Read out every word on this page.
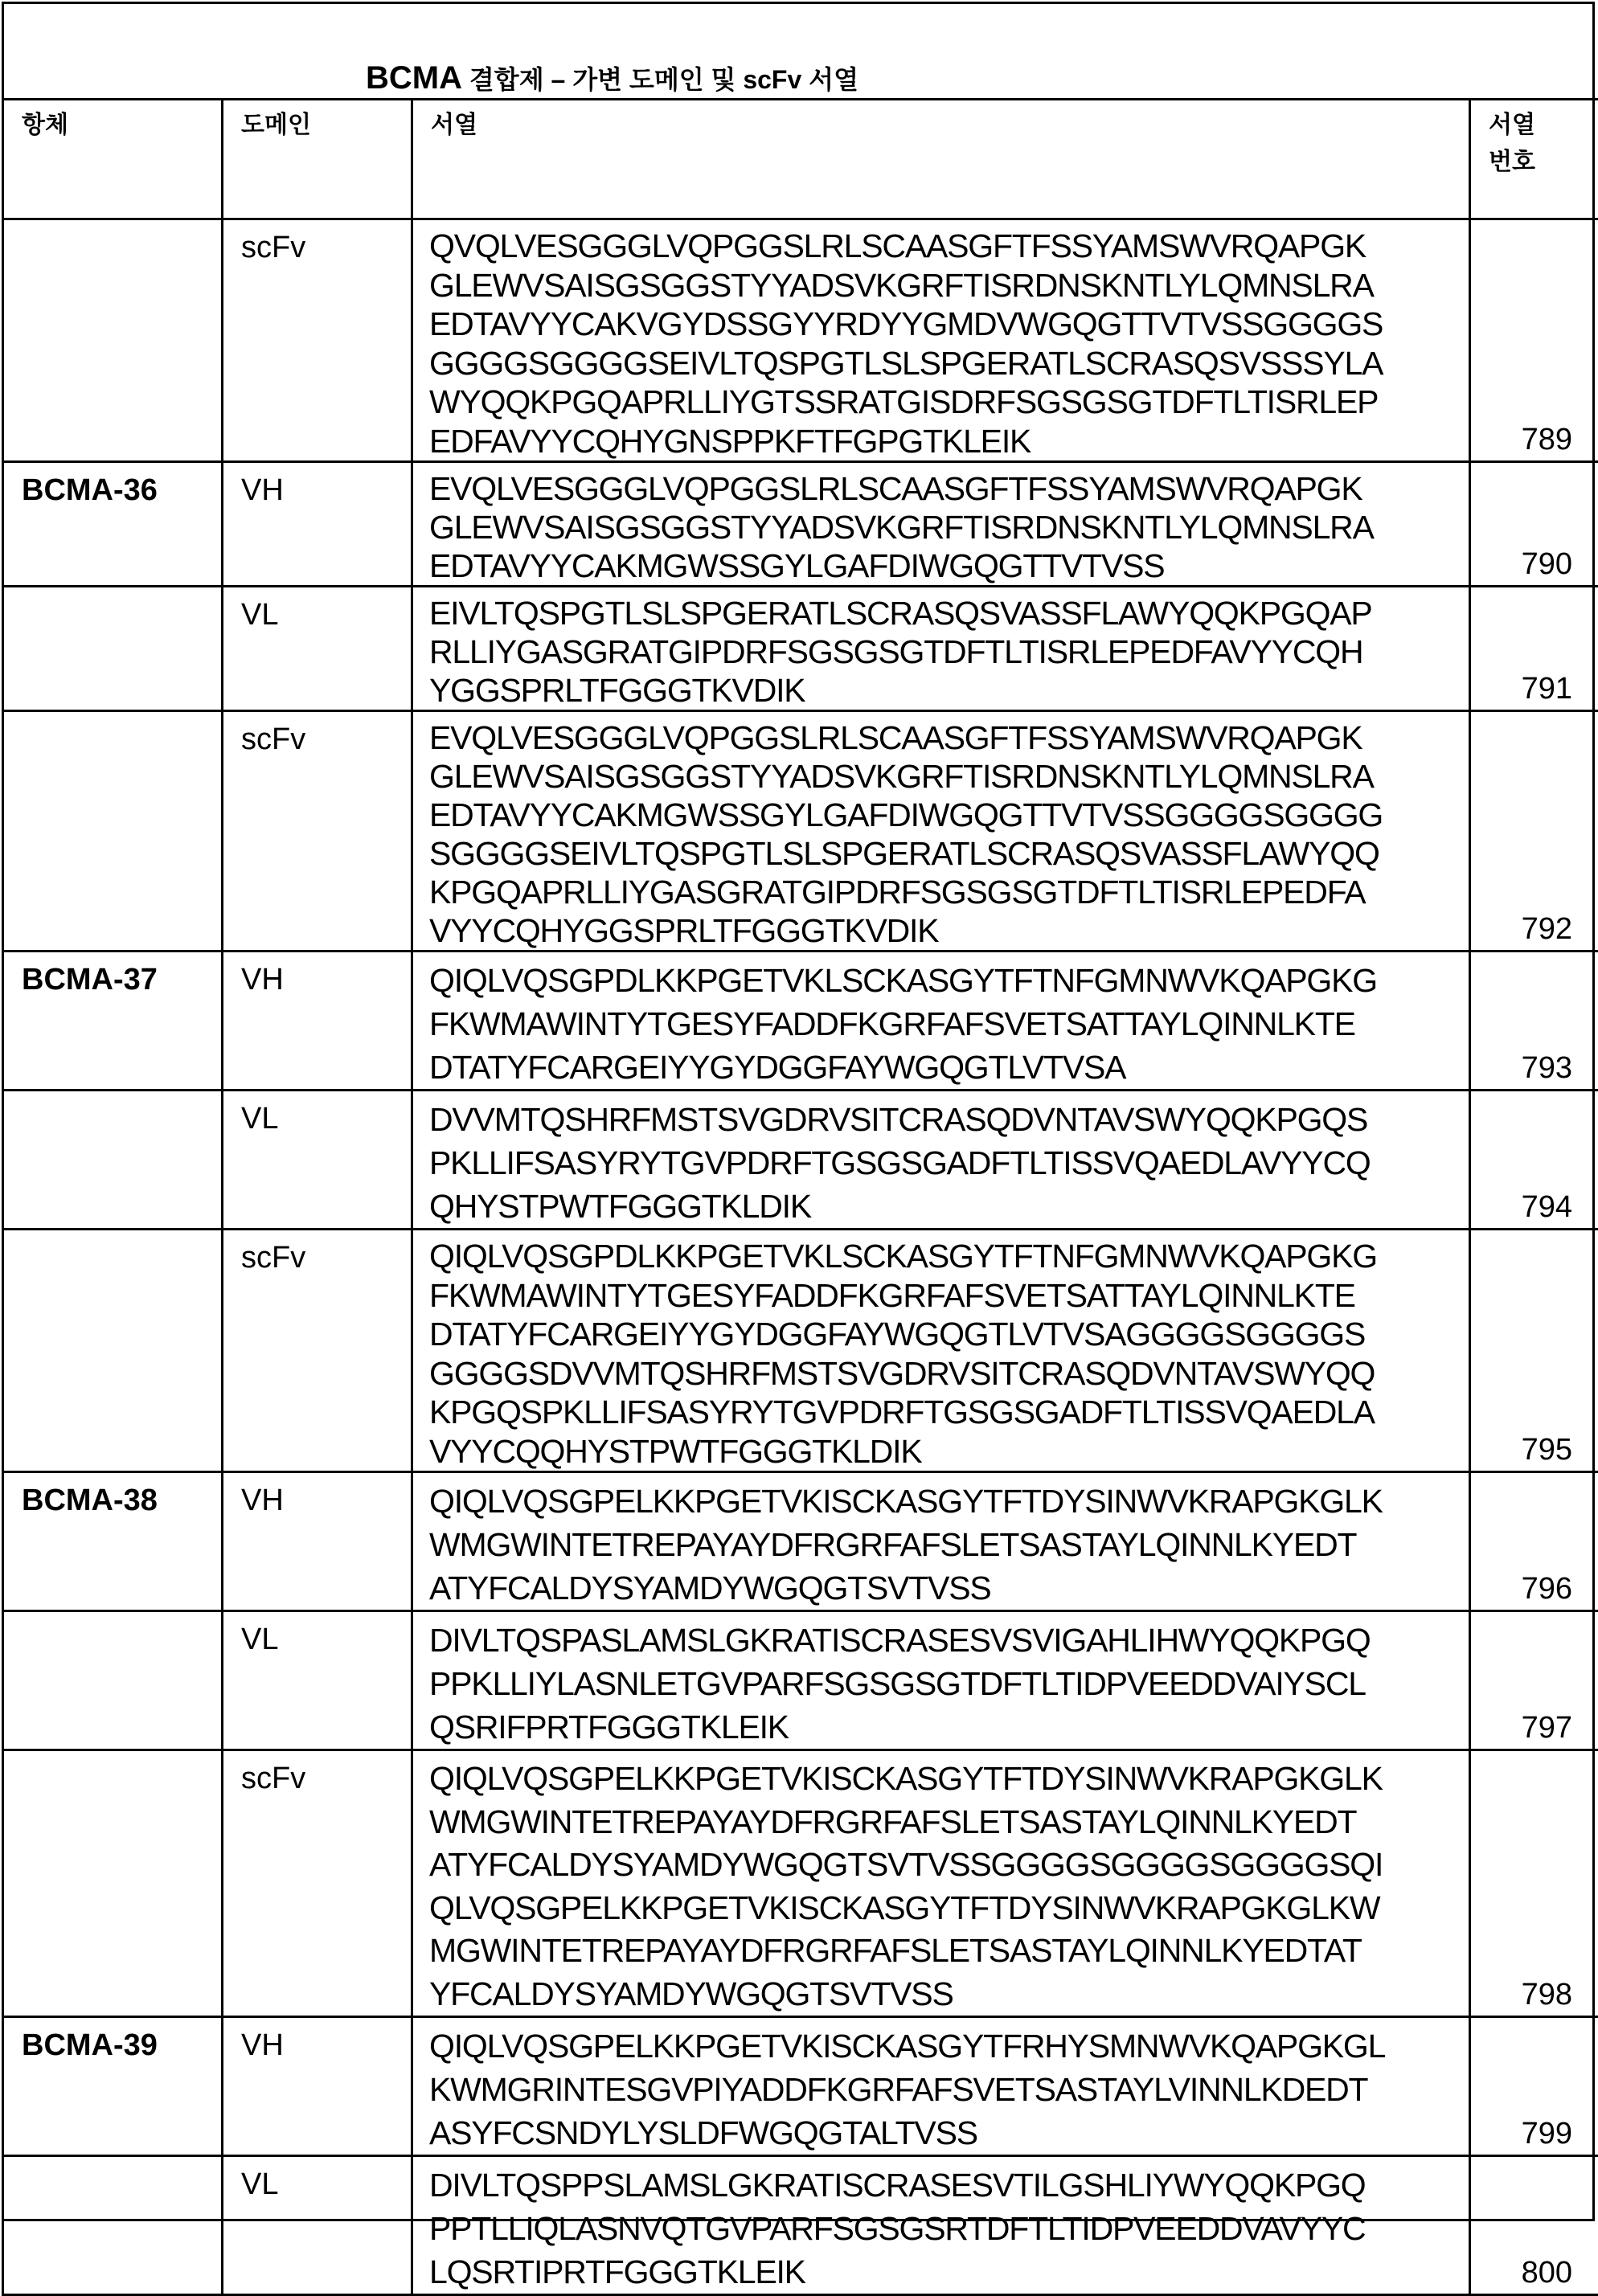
BCMA 결합제 – 가변 도메인 및 scFv 서열
항체	도메인	서열	서열
번호

scFv	QVQLVESGGGLVQPGGSLRLSCAASGFTFSSYAMSWVRQAPGK
GLEWVSAISGSGGSTYYADSVKGRFTISRDNSKNTLYLQMNSLRA
EDTAVYYCAKVGYDSSGYYRDYYGMDVWGQGTTVTVSSGGGGS
GGGGSGGGGSEIVLTQSPGTLSLSPGERATLSCRASQSVSSSYLA
WYQQKPGQAPRLLIYGTSSRATGISDRFSGSGSGTDFTLTISRLEP
EDFAVYYCQHYGNSPPKFTFGPGTKLEIK	789

BCMA-36	VH	EVQLVESGGGLVQPGGSLRLSCAASGFTFSSYAMSWVRQAPGK
GLEWVSAISGSGGSTYYADSVKGRFTISRDNSKNTLYLQMNSLRA
EDTAVYYCAKMGWSSGYLGAFDIWGQGTTVTVSS	790

VL	EIVLTQSPGTLSLSPGERATLSCRASQSVASSFLAWYQQKPGQAP
RLLIYGASGRATGIPDRFSGSGSGTDFTLTISRLEPEDFAVYYCQH
YGGSPRLTFGGGTKVDIK	791

scFv	EVQLVESGGGLVQPGGSLRLSCAASGFTFSSYAMSWVRQAPGK
GLEWVSAISGSGGSTYYADSVKGRFTISRDNSKNTLYLQMNSLRA
EDTAVYYCAKMGWSSGYLGAFDIWGQGTTVTVSSGGGGSGGGG
SGGGGSEIVLTQSPGTLSLSPGERATLSCRASQSVASSFLAWYQQ
KPGQAPRLLIYGASGRATGIPDRFSGSGSGTDFTLTISRLEPEDFA
VYYCQHYGGSPRLTFGGGTKVDIK	792

BCMA-37	VH	QIQLVQSGPDLKKPGETVKLSCKASGYTFTNFGMNWVKQAPGKG
FKWMAWINTYTGESYFADDFKGRFAFSVETSATTAYLQINNLKTE
DTATYFCARGEIYYGYDGGFAYWGQGTLVTVSA	793

VL	DVVMTQSHRFMSTSVGDRVSITCRASQDVNTAVSWYQQKPGQS
PKLLIFSASYRYTGVPDRFTGSGSGADFTLTISSVQAEDLAVYYCQ
QHYSTPWTFGGGTKLDIK	794

scFv	QIQLVQSGPDLKKPGETVKLSCKASGYTFTNFGMNWVKQAPGKG
FKWMAWINTYTGESYFADDFKGRFAFSVETSATTAYLQINNLKTE
DTATYFCARGEIYYGYDGGFAYWGQGTLVTVSAGGGGSGGGGS
GGGGSDVVMTQSHRFMSTSVGDRVSITCRASQDVNTAVSWYQQ
KPGQSPKLLIFSASYRYTGVPDRFTGSGSGADFTLTISSVQAEDLA
VYYCQQHYSTPWTFGGGTKLDIK	795

BCMA-38	VH	QIQLVQSGPELKKPGETVKISCKASGYTFTDYSINWVKRAPGKGLK
WMGWINTETREPAYAYDFRGRFAFSLETSASTAYLQINNLKYEDT
ATYFCALDYSYAMDYWGQGTSVTVSS	796

VL	DIVLTQSPASLAMSLGKRATISCRASESVSVIGAHLIHWYQQKPGQ
PPKLLIYLASNLETGVPARFSGSGSGTDFTLTIDPVEEDDVAIYSCL
QSRIFPRTFGGGTKLEIK	797

scFv	QIQLVQSGPELKKPGETVKISCKASGYTFTDYSINWVKRAPGKGLK
WMGWINTETREPAYAYDFRGRFAFSLETSASTAYLQINNLKYEDT
ATYFCALDYSYAMDYWGQGTSVTVSSGGGGSGGGGSGGGGSQI
QLVQSGPELKKPGETVKISCKASGYTFTDYSINWVKRAPGKGLKW
MGWINTETREPAYAYDFRGRFAFSLETSASTAYLQINNLKYEDTAT
YFCALDYSYAMDYWGQGTSVTVSS	798

BCMA-39	VH	QIQLVQSGPELKKPGETVKISCKASGYTFRHYSMNWVKQAPGKGL
KWMGRINTESGVPIYADDFKGRFAFSVETSASTAYLVINNLKDEDT
ASYFCSNDYLYSLDFWGQGTALTVSS	799

VL	DIVLTQSPPSLAMSLGKRATISCRASESVTILGSHLIYWYQQKPGQ
PPTLLIQLASNVQTGVPARFSGSGSRTDFTLTIDPVEEDDVAVYYC
LQSRTIPRTFGGGTKLEIK	800
